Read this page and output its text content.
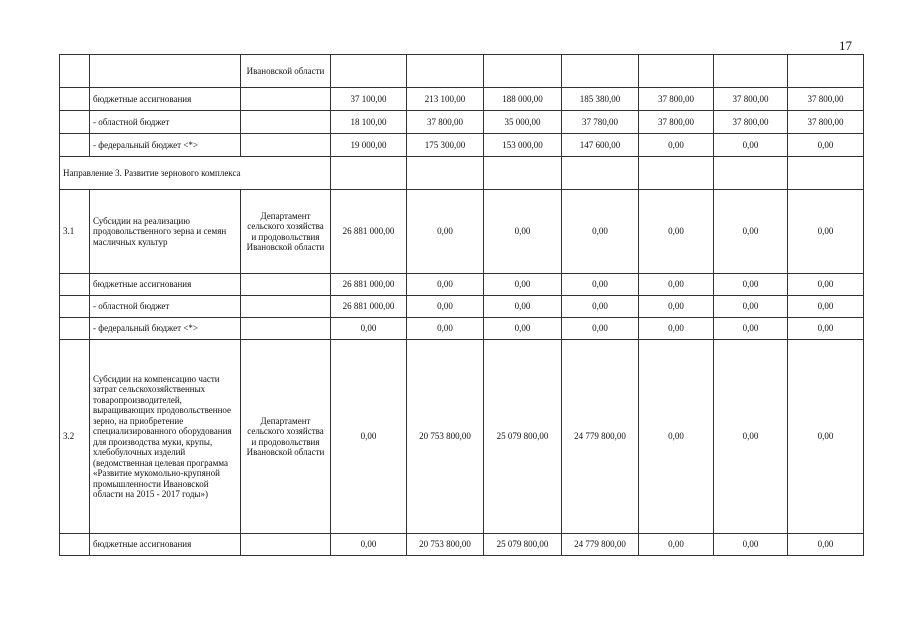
17
		Ивановской области							
	бюджетные ассигнования		37 100,00	213 100,00	188 000,00	185 380,00	37 800,00	37 800,00	37 800,00
	- областной бюджет		18 100,00	37 800,00	35 000,00	37 780,00	37 800,00	37 800,00	37 800,00
	- федеральный бюджет <*>		19 000,00	175 300,00	153 000,00	147 600,00	0,00	0,00	0,00
Направление 3. Развитие зернового комплекса									
3.1	Субсидии на реализацию продовольственного зерна и семян масличных культур	Департамент сельского хозяйства и продовольствия Ивановской области	26 881 000,00	0,00	0,00	0,00	0,00	0,00	0,00
	бюджетные ассигнования		26 881 000,00	0,00	0,00	0,00	0,00	0,00	0,00
	- областной бюджет		26 881 000,00	0,00	0,00	0,00	0,00	0,00	0,00
	- федеральный бюджет <*>		0,00	0,00	0,00	0,00	0,00	0,00	0,00
3.2	Субсидии на компенсацию части затрат сельскохозяйственных товаропроизводителей, выращивающих продовольственное зерно, на приобретение специализированного оборудования для производства муки, крупы, хлебобулочных изделий (ведомственная целевая программа «Развитие мукомольно-крупяной промышленности Ивановской области на 2015 - 2017 годы»)	Департамент сельского хозяйства и продовольствия Ивановской области	0,00	20 753 800,00	25 079 800,00	24 779 800,00	0,00	0,00	0,00
	бюджетные ассигнования		0,00	20 753 800,00	25 079 800,00	24 779 800,00	0,00	0,00	0,00
